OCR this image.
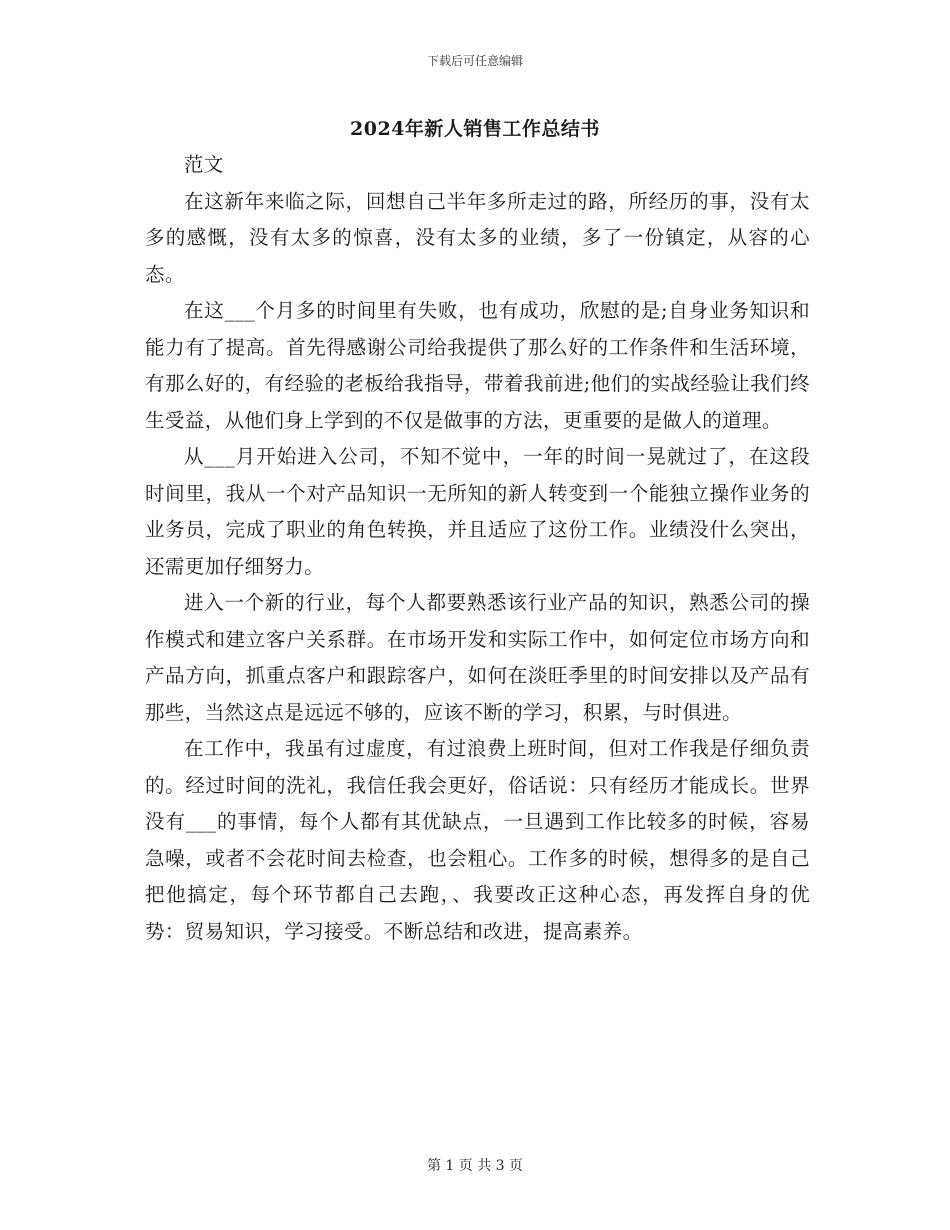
下载后可任意编辑
2024年新人销售工作总结书

范文

在这新年来临之际，回想自己半年多所走过的路，所经历的事，没有太多的感慨，没有太多的惊喜，没有太多的业绩，多了一份镇定，从容的心态。

在这___个月多的时间里有失败，也有成功，欣慰的是;自身业务知识和能力有了提高。首先得感谢公司给我提供了那么好的工作条件和生活环境，有那么好的，有经验的老板给我指导，带着我前进;他们的实战经验让我们终生受益，从他们身上学到的不仅是做事的方法，更重要的是做人的道理。

从___月开始进入公司，不知不觉中，一年的时间一晃就过了，在这段时间里，我从一个对产品知识一无所知的新人转变到一个能独立操作业务的业务员，完成了职业的角色转换，并且适应了这份工作。业绩没什么突出，还需更加仔细努力。

进入一个新的行业，每个人都要熟悉该行业产品的知识，熟悉公司的操作模式和建立客户关系群。在市场开发和实际工作中，如何定位市场方向和产品方向，抓重点客户和跟踪客户，如何在淡旺季里的时间安排以及产品有那些，当然这点是远远不够的，应该不断的学习，积累，与时俱进。

在工作中，我虽有过虚度，有过浪费上班时间，但对工作我是仔细负责的。经过时间的洗礼，我信任我会更好，俗话说：只有经历才能成长。世界没有___的事情，每个人都有其优缺点，一旦遇到工作比较多的时候，容易急噪，或者不会花时间去检查，也会粗心。工作多的时候，想得多的是自己把他搞定，每个环节都自己去跑，、我要改正这种心态，再发挥自身的优势：贸易知识，学习接受。不断总结和改进，提高素养。

第 1 页 共 3 页
